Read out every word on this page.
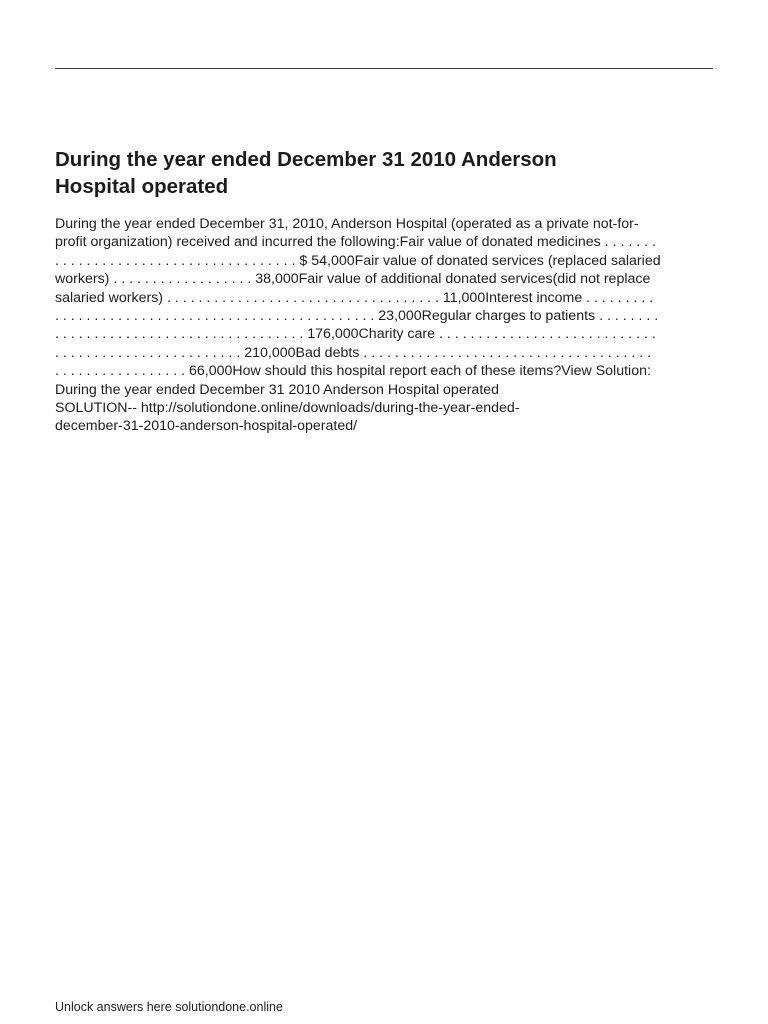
During the year ended December 31 2010 Anderson
Hospital operated
During the year ended December 31, 2010, Anderson Hospital (operated as a private not-for-
profit organization) received and incurred the following:Fair value of donated medicines . . . . . . .
. . . . . . . . . . . . . . . . . . . . . . . . . . . . . . . $ 54,000Fair value of donated services (replaced salaried
workers) . . . . . . . . . . . . . . . . . . 38,000Fair value of additional donated services(did not replace
salaried workers) . . . . . . . . . . . . . . . . . . . . . . . . . . . . . . . . . . . 11,000Interest income . . . . . . . . .
. . . . . . . . . . . . . . . . . . . . . . . . . . . . . . . . . . . . . . . . . 23,000Regular charges to patients . . . . . . . .
. . . . . . . . . . . . . . . . . . . . . . . . . . . . . . . . 176,000Charity care . . . . . . . . . . . . . . . . . . . . . . . . . . . .
. . . . . . . . . . . . . . . . . . . . . . . . 210,000Bad debts . . . . . . . . . . . . . . . . . . . . . . . . . . . . . . . . . . . . .
. . . . . . . . . . . . . . . . . 66,000How should this hospital report each of these items?View Solution:
During the year ended December 31 2010 Anderson Hospital operated
SOLUTION-- http://solutiondone.online/downloads/during-the-year-ended-
december-31-2010-anderson-hospital-operated/
Unlock answers here solutiondone.online
